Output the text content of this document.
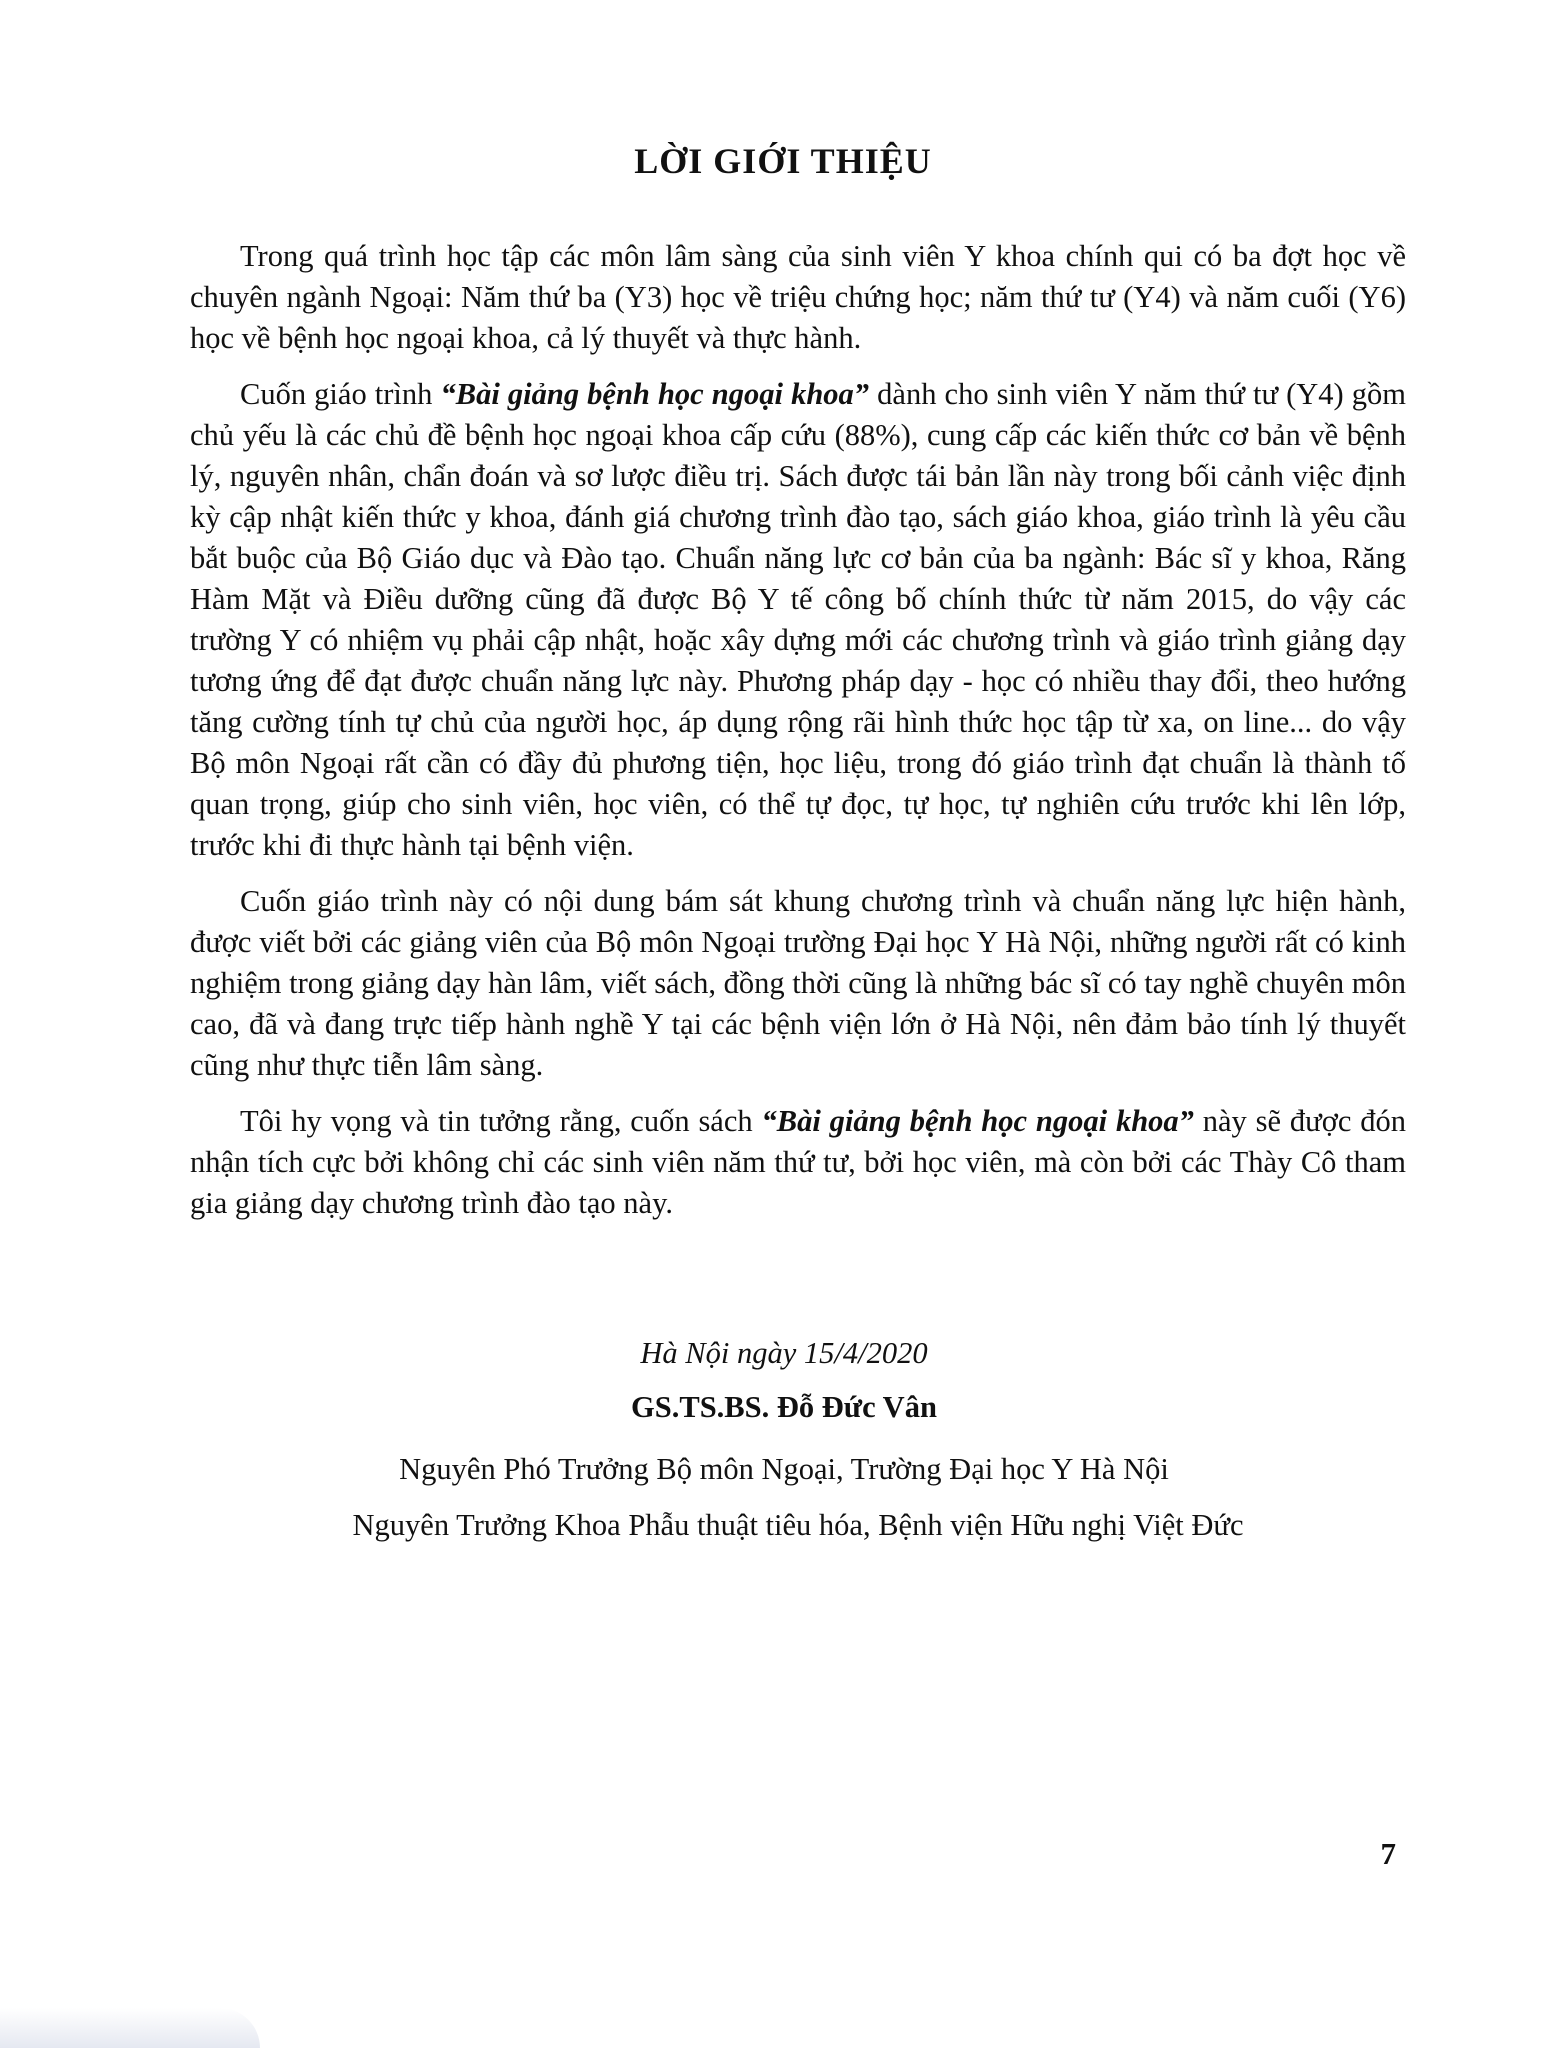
LỜI GIỚI THIỆU

Trong quá trình học tập các môn lâm sàng của sinh viên Y khoa chính qui có ba đợt học về chuyên ngành Ngoại: Năm thứ ba (Y3) học về triệu chứng học; năm thứ tư (Y4) và năm cuối (Y6) học về bệnh học ngoại khoa, cả lý thuyết và thực hành.

Cuốn giáo trình “Bài giảng bệnh học ngoại khoa” dành cho sinh viên Y năm thứ tư (Y4) gồm chủ yếu là các chủ đề bệnh học ngoại khoa cấp cứu (88%), cung cấp các kiến thức cơ bản về bệnh lý, nguyên nhân, chẩn đoán và sơ lược điều trị. Sách được tái bản lần này trong bối cảnh việc định kỳ cập nhật kiến thức y khoa, đánh giá chương trình đào tạo, sách giáo khoa, giáo trình là yêu cầu bắt buộc của Bộ Giáo dục và Đào tạo. Chuẩn năng lực cơ bản của ba ngành: Bác sĩ y khoa, Răng Hàm Mặt và Điều dưỡng cũng đã được Bộ Y tế công bố chính thức từ năm 2015, do vậy các trường Y có nhiệm vụ phải cập nhật, hoặc xây dựng mới các chương trình và giáo trình giảng dạy tương ứng để đạt được chuẩn năng lực này. Phương pháp dạy - học có nhiều thay đổi, theo hướng tăng cường tính tự chủ của người học, áp dụng rộng rãi hình thức học tập từ xa, on line... do vậy Bộ môn Ngoại rất cần có đầy đủ phương tiện, học liệu, trong đó giáo trình đạt chuẩn là thành tố quan trọng, giúp cho sinh viên, học viên, có thể tự đọc, tự học, tự nghiên cứu trước khi lên lớp, trước khi đi thực hành tại bệnh viện.

Cuốn giáo trình này có nội dung bám sát khung chương trình và chuẩn năng lực hiện hành, được viết bởi các giảng viên của Bộ môn Ngoại trường Đại học Y Hà Nội, những người rất có kinh nghiệm trong giảng dạy hàn lâm, viết sách, đồng thời cũng là những bác sĩ có tay nghề chuyên môn cao, đã và đang trực tiếp hành nghề Y tại các bệnh viện lớn ở Hà Nội, nên đảm bảo tính lý thuyết cũng như thực tiễn lâm sàng.

Tôi hy vọng và tin tưởng rằng, cuốn sách “Bài giảng bệnh học ngoại khoa” này sẽ được đón nhận tích cực bởi không chỉ các sinh viên năm thứ tư, bởi học viên, mà còn bởi các Thày Cô tham gia giảng dạy chương trình đào tạo này.

Hà Nội ngày 15/4/2020
GS.TS.BS. Đỗ Đức Vân
Nguyên Phó Trưởng Bộ môn Ngoại, Trường Đại học Y Hà Nội
Nguyên Trưởng Khoa Phẫu thuật tiêu hóa, Bệnh viện Hữu nghị Việt Đức
7
